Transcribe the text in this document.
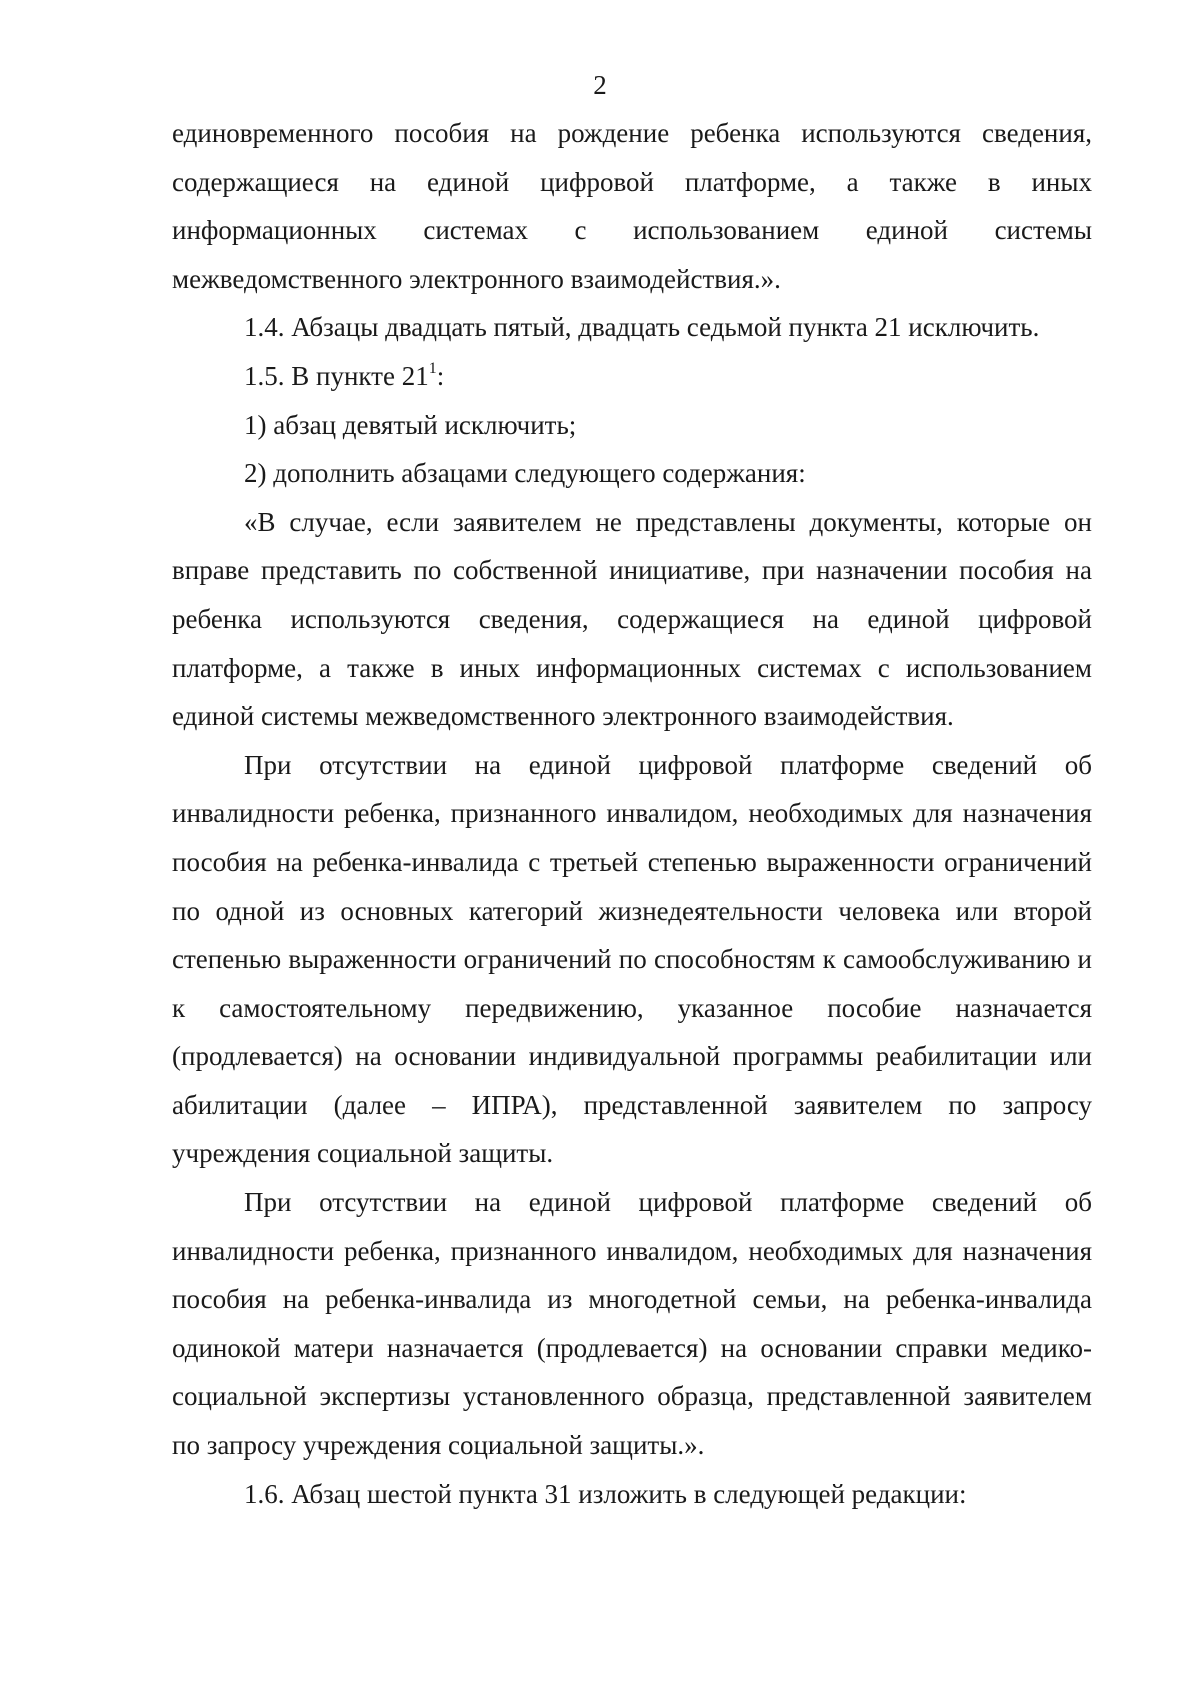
2

единовременного пособия на рождение ребенка используются сведения, содержащиеся на единой цифровой платформе, а также в иных информационных системах с использованием единой системы межведомственного электронного взаимодействия.».

1.4. Абзацы двадцать пятый, двадцать седьмой пункта 21 исключить.

1.5. В пункте $21^1$:

1) абзац девятый исключить;

2) дополнить абзацами следующего содержания:

«В случае, если заявителем не представлены документы, которые он вправе представить по собственной инициативе, при назначении пособия на ребенка используются сведения, содержащиеся на единой цифровой платформе, а также в иных информационных системах с использованием единой системы межведомственного электронного взаимодействия.

При отсутствии на единой цифровой платформе сведений об инвалидности ребенка, признанного инвалидом, необходимых для назначения пособия на ребенка-инвалида с третьей степенью выраженности ограничений по одной из основных категорий жизнедеятельности человека или второй степенью выраженности ограничений по способностям к самообслуживанию и к самостоятельному передвижению, указанное пособие назначается (продлевается) на основании индивидуальной программы реабилитации или абилитации (далее – ИПРА), представленной заявителем по запросу учреждения социальной защиты.

При отсутствии на единой цифровой платформе сведений об инвалидности ребенка, признанного инвалидом, необходимых для назначения пособия на ребенка-инвалида из многодетной семьи, на ребенка-инвалида одинокой матери назначается (продлевается) на основании справки медико-социальной экспертизы установленного образца, представленной заявителем по запросу учреждения социальной защиты.».

1.6. Абзац шестой пункта 31 изложить в следующей редакции:
